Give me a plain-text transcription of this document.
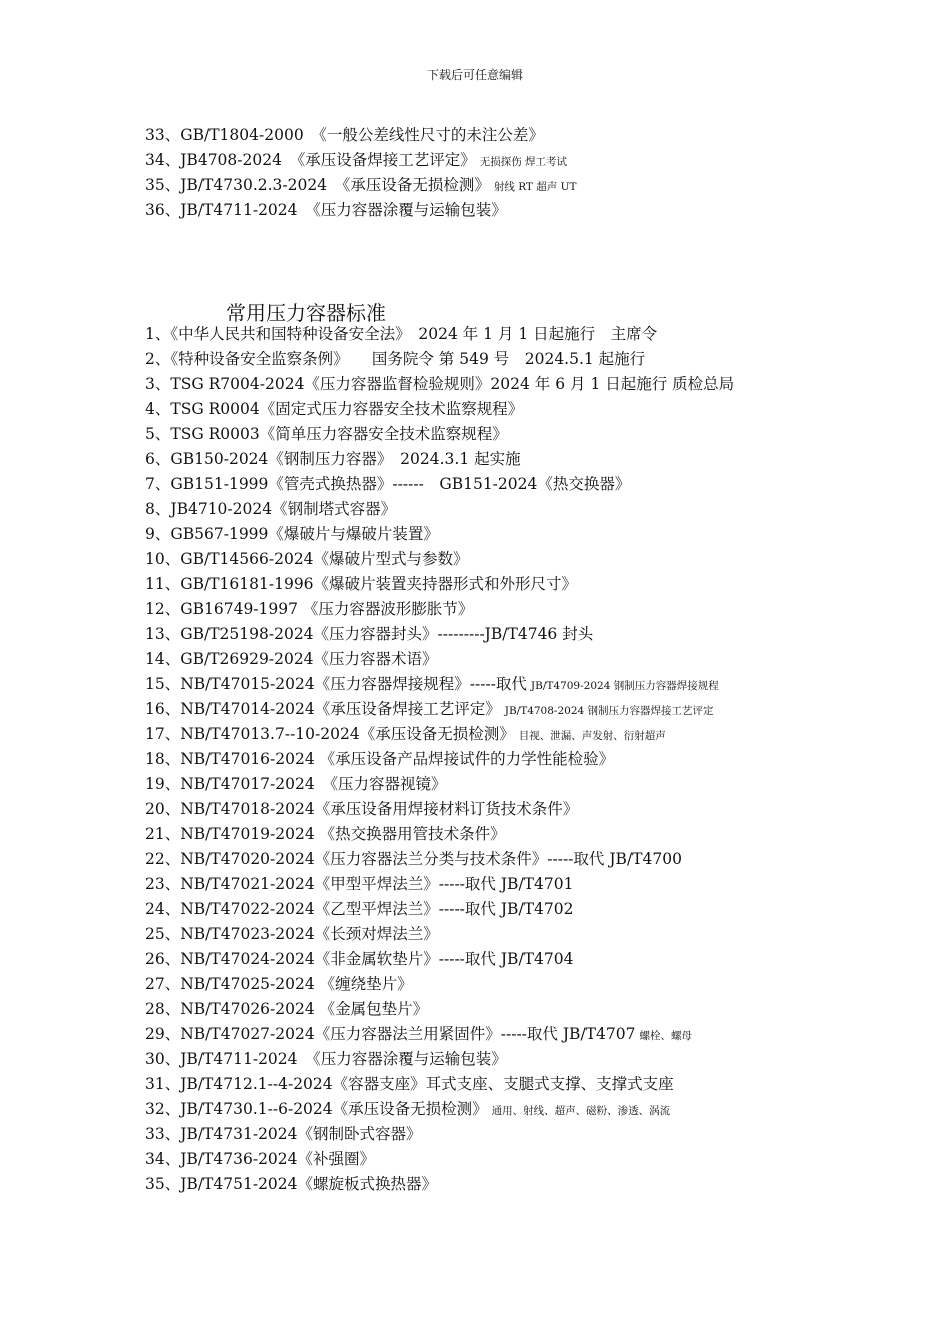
下载后可任意编辑
33、GB/T1804-2000　《一般公差线性尺寸的未注公差》
34、JB4708-2024　《承压设备焊接工艺评定》 无损探伤 焊工考试
35、JB/T4730.2.3-2024　《承压设备无损检测》 射线 RT 超声 UT
36、JB/T4711-2024　《压力容器涂覆与运输包装》
常用压力容器标准
1、《中华人民共和国特种设备安全法》　2024 年 1 月 1 日起施行　主席令
2、《特种设备安全监察条例》　　国务院令 第 549 号　2024.5.1 起施行
3、TSG R7004-2024《压力容器监督检验规则》2024 年 6 月 1 日起施行 质检总局
4、TSG R0004《固定式压力容器安全技术监察规程》
5、TSG R0003《简单压力容器安全技术监察规程》
6、GB150-2024《钢制压力容器》　2024.3.1 起实施
7、GB151-1999《管壳式换热器》------　GB151-2024《热交换器》
8、JB4710-2024《钢制塔式容器》
9、GB567-1999《爆破片与爆破片装置》
10、GB/T14566-2024《爆破片型式与参数》
11、GB/T16181-1996《爆破片装置夹持器形式和外形尺寸》
12、GB16749-1997 《压力容器波形膨胀节》
13、GB/T25198-2024《压力容器封头》---------JB/T4746 封头
14、GB/T26929-2024《压力容器术语》
15、NB/T47015-2024《压力容器焊接规程》-----取代 JB/T4709-2024 钢制压力容器焊接规程
16、NB/T47014-2024《承压设备焊接工艺评定》 JB/T4708-2024 钢制压力容器焊接工艺评定
17、NB/T47013.7--10-2024《承压设备无损检测》 目视、泄漏、声发射、衍射超声
18、NB/T47016-2024 《承压设备产品焊接试件的力学性能检验》
19、NB/T47017-2024　《压力容器视镜》
20、NB/T47018-2024《承压设备用焊接材料订货技术条件》
21、NB/T47019-2024 《热交换器用管技术条件》
22、NB/T47020-2024《压力容器法兰分类与技术条件》-----取代 JB/T4700
23、NB/T47021-2024《甲型平焊法兰》-----取代 JB/T4701
24、NB/T47022-2024《乙型平焊法兰》-----取代 JB/T4702
25、NB/T47023-2024《长颈对焊法兰》
26、NB/T47024-2024《非金属软垫片》-----取代 JB/T4704
27、NB/T47025-2024 《缠绕垫片》
28、NB/T47026-2024 《金属包垫片》
29、NB/T47027-2024《压力容器法兰用紧固件》-----取代 JB/T4707 螺栓、螺母
30、JB/T4711-2024　《压力容器涂覆与运输包装》
31、JB/T4712.1--4-2024《容器支座》耳式支座、支腿式支撑、支撑式支座
32、JB/T4730.1--6-2024《承压设备无损检测》 通用、射线、超声、磁粉、渗透、涡流
33、JB/T4731-2024《钢制卧式容器》
34、JB/T4736-2024《补强圈》
35、JB/T4751-2024《螺旋板式换热器》
